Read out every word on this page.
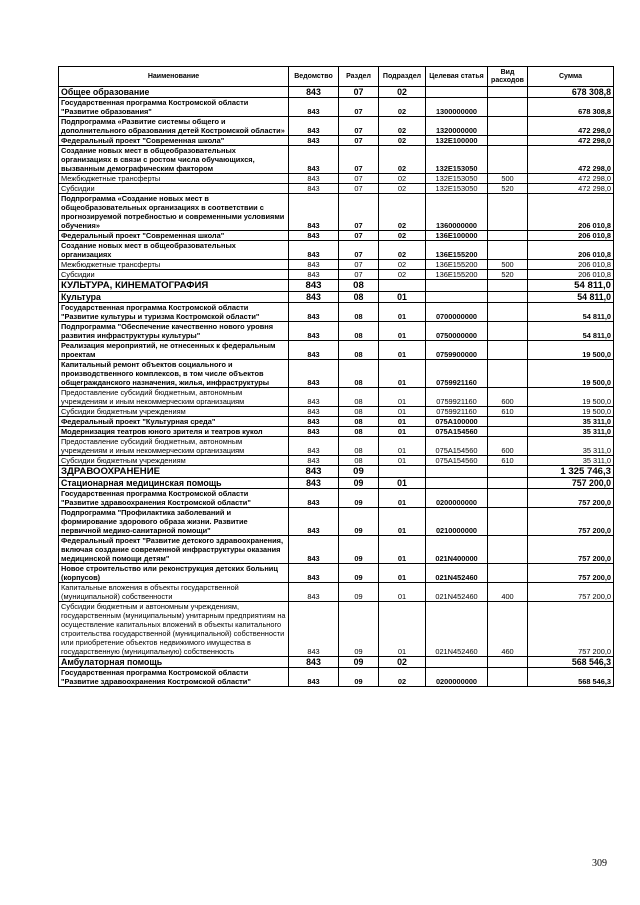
Наименование	Ведомство	Раздел	Подраздел	Целевая статья	Вид расходов	Сумма
Общее образование	843	07	02			678 308,8
Государственная программа Костромской области "Развитие образования"	843	07	02	1300000000		678 308,8
Подпрограмма «Развитие системы общего и дополнительного образования детей Костромской области»	843	07	02	1320000000		472 298,0
Федеральный проект "Современная школа"	843	07	02	132E100000		472 298,0
Создание новых мест в общеобразовательных организациях в связи с ростом числа обучающихся, вызванным демографическим фактором	843	07	02	132E153050		472 298,0
Межбюджетные трансферты	843	07	02	132E153050	500	472 298,0
Субсидии	843	07	02	132E153050	520	472 298,0
Подпрограмма «Создание новых мест в общеобразовательных организациях в соответствии с прогнозируемой потребностью и современными условиями обучения»	843	07	02	1360000000		206 010,8
Федеральный проект "Современная школа"	843	07	02	136E100000		206 010,8
Создание новых мест в общеобразовательных организациях	843	07	02	136E155200		206 010,8
Межбюджетные трансферты	843	07	02	136E155200	500	206 010,8
Субсидии	843	07	02	136E155200	520	206 010,8
КУЛЬТУРА, КИНЕМАТОГРАФИЯ	843	08				54 811,0
Культура	843	08	01			54 811,0
Государственная программа Костромской области "Развитие культуры и туризма Костромской области"	843	08	01	0700000000		54 811,0
Подпрограмма "Обеспечение качественно нового уровня развития инфраструктуры культуры"	843	08	01	0750000000		54 811,0
Реализация мероприятий, не отнесенных к федеральным проектам	843	08	01	0759900000		19 500,0
Капитальный ремонт объектов социального и производственного комплексов, в том числе объектов общегражданского назначения, жилья, инфраструктуры	843	08	01	0759921160		19 500,0
Предоставление субсидий бюджетным, автономным учреждениям и иным некоммерческим организациям	843	08	01	0759921160	600	19 500,0
Субсидии бюджетным учреждениям	843	08	01	0759921160	610	19 500,0
Федеральный проект "Культурная среда"	843	08	01	075A100000		35 311,0
Модернизация театров юного зрителя и театров кукол	843	08	01	075A154560		35 311,0
Предоставление субсидий бюджетным, автономным учреждениям и иным некоммерческим организациям	843	08	01	075A154560	600	35 311,0
Субсидии бюджетным учреждениям	843	08	01	075A154560	610	35 311,0
ЗДРАВООХРАНЕНИЕ	843	09				1 325 746,3
Стационарная медицинская помощь	843	09	01			757 200,0
Государственная программа Костромской области "Развитие здравоохранения Костромской области"	843	09	01	0200000000		757 200,0
Подпрограмма "Профилактика заболеваний и формирование здорового образа жизни. Развитие первичной медико-санитарной помощи"	843	09	01	0210000000		757 200,0
Федеральный проект "Развитие детского здравоохранения, включая создание современной инфраструктуры оказания медицинской помощи детям"	843	09	01	021N400000		757 200,0
Новое строительство или реконструкция детских больниц (корпусов)	843	09	01	021N452460		757 200,0
Капитальные вложения в объекты государственной (муниципальной) собственности	843	09	01	021N452460	400	757 200,0
Субсидии бюджетным и автономным учреждениям, государственным (муниципальным) унитарным предприятиям на осуществление капитальных вложений в объекты капитального строительства государственной (муниципальной) собственности или приобретение объектов недвижимого имущества в государственную (муниципальную) собственность	843	09	01	021N452460	460	757 200,0
Амбулаторная помощь	843	09	02			568 546,3
Государственная программа Костромской области "Развитие здравоохранения Костромской области"	843	09	02	0200000000		568 546,3
309
